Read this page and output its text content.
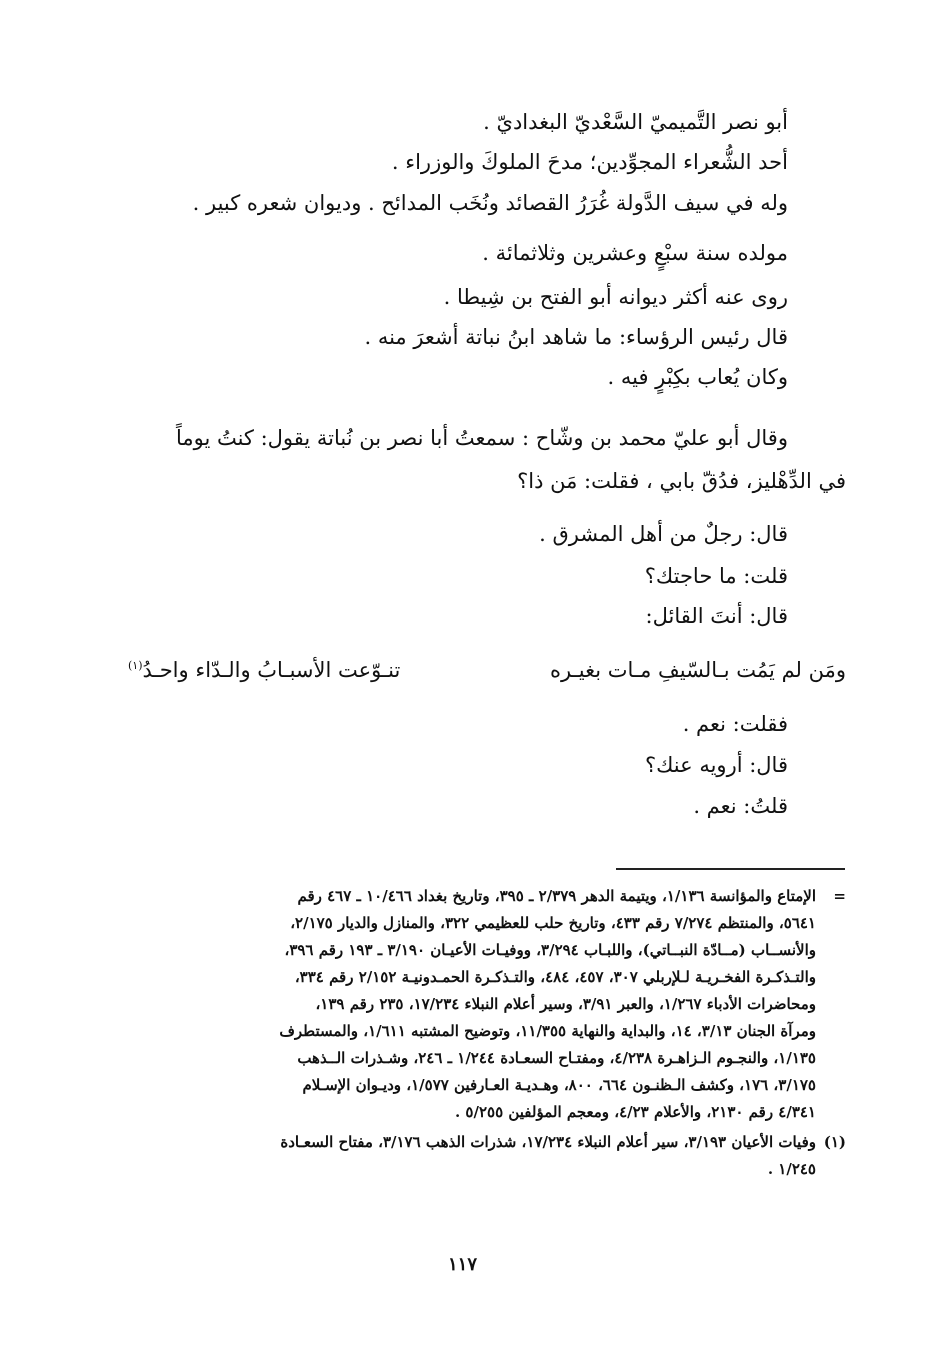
أبو نصر التَّميميّ السَّعْديّ البغداديّ .
أحد الشُّعراء المجوِّدين؛ مدحَ الملوكَ والوزراء .
وله في سيف الدَّولة غُرَرُ القصائد ونُخَب المدائح . وديوان شعره كبير .
مولده سنة سبْعٍ وعشرين وثلاثمائة .
روى عنه أكثر ديوانه أبو الفتح بن شِيطا .
قال رئيس الرؤساء: ما شاهد ابنُ نباتة أشعرَ منه .
وكان يُعاب بكِبْرٍ فيه .
وقال أبو عليّ محمد بن وشّاح : سمعتُ أبا نصر بن نُباتة يقول: كنتُ يوماً
في الدِّهْليز، فدُقّ بابي ، فقلت: مَن ذا؟
قال: رجلٌ من أهل المشرق .
قلت: ما حاجتك؟
قال: أنتَ القائل:
ومَن لم يَمُت بـالسّيفِ مـات بغيـره
تنـوّعت الأسبـابُ والـدّاء واحـدُ$^{(١)}$
فقلت: نعم .
قال: أرويه عنك؟
قلتُ: نعم .
=
الإمتاع والمؤانسة ١/١٣٦، ويتيمة الدهر ٢/٣٧٩ ـ ٣٩٥، وتاريخ بغداد ١٠/٤٦٦ ـ ٤٦٧ رقم
٥٦٤١، والمنتظم ٧/٢٧٤ رقم ٤٣٣، وتاريخ حلب للعظيمي ٣٢٢، والمنازل والديار ٢/١٧٥،
والأنســاب (مــادّة النبــاتي)، واللبـاب ٣/٢٩٤، ووفيـات الأعيـان ٣/١٩٠ ـ ١٩٣ رقم ٣٩٦،
والتـذكـرة الفخـريـة لـلإربلي ٣٠٧، ٤٥٧، ٤٨٤، والتـذكـرة الحمـدونيـة ٢/١٥٢ رقم ٣٣٤،
ومحاضرات الأدباء ١/٢٦٧، والعبر ٣/٩١، وسير أعلام النبلاء ١٧/٢٣٤، ٢٣٥ رقم ١٣٩،
ومرآة الجنان ٣/١٣، ١٤، والبداية والنهاية ١١/٣٥٥، وتوضيح المشتبه ١/٦١١، والمستطرف
١/١٣٥، والنجـوم الـزاهـرة ٤/٢٣٨، ومفتـاح السعـادة ١/٢٤٤ ـ ٢٤٦، وشـذرات الــذهب
٣/١٧٥، ١٧٦، وكشف الـظنـون ٦٦٤، ٨٠٠، وهـديـة العـارفين ١/٥٧٧، وديـوان الإسـلام
٤/٣٤١ رقم ٢١٣٠، والأعلام ٤/٢٣، ومعجم المؤلفين ٥/٢٥٥ .
(١)
وفيات الأعيان ٣/١٩٣، سير أعلام النبلاء ١٧/٢٣٤، شذرات الذهب ٣/١٧٦، مفتاح السعـادة
١/٢٤٥ .
١١٧
